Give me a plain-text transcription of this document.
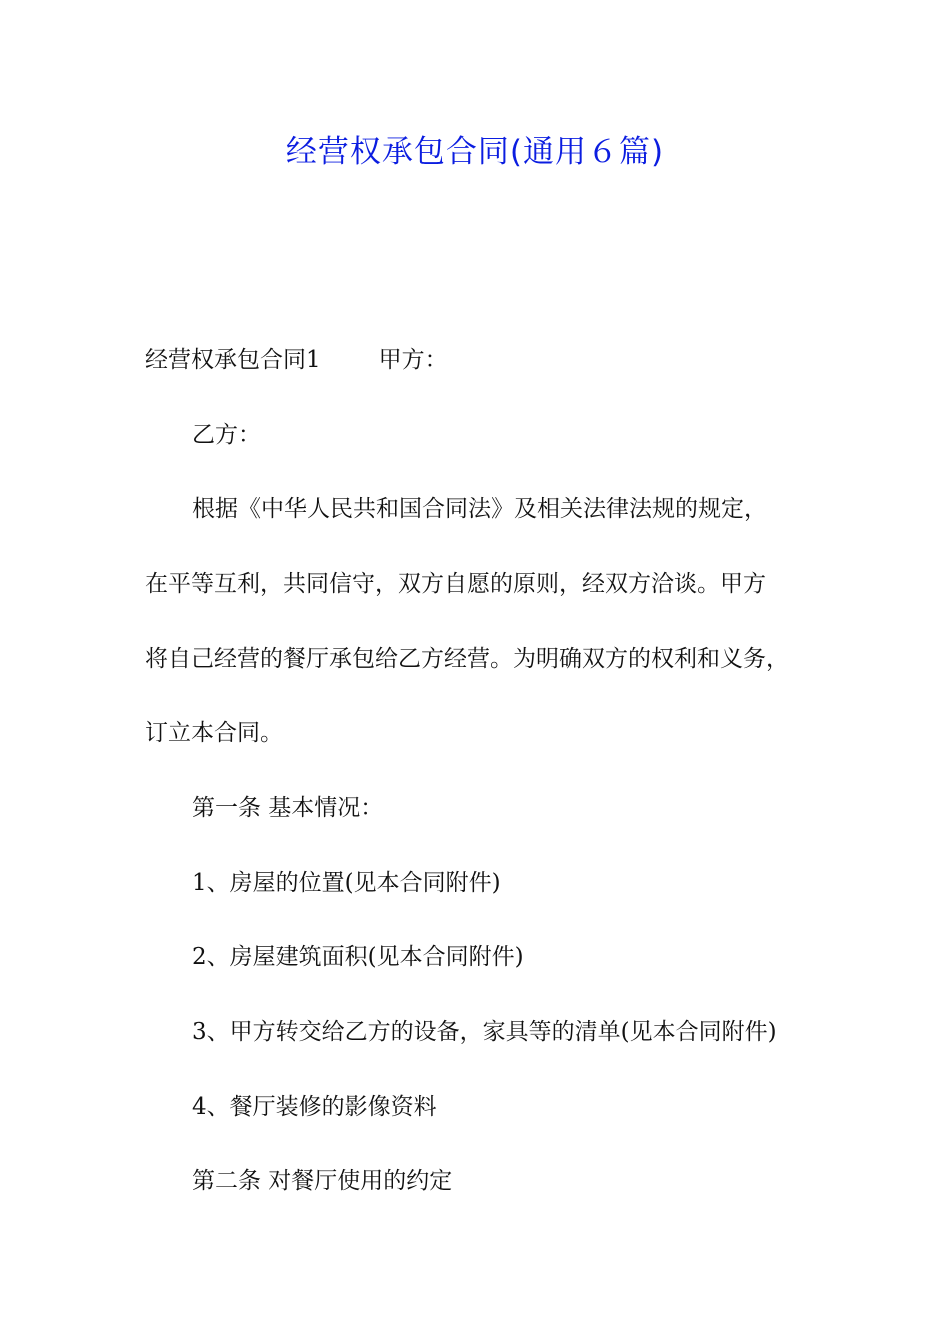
经营权承包合同(通用６篇)

经营权承包合同1	甲方：

乙方：

根据《中华人民共和国合同法》及相关法律法规的规定，

在平等互利，共同信守，双方自愿的原则，经双方洽谈。甲方

将自己经营的餐厅承包给乙方经营。为明确双方的权利和义务，

订立本合同。

第一条 基本情况：

1、房屋的位置(见本合同附件)

2、房屋建筑面积(见本合同附件)

3、甲方转交给乙方的设备，家具等的清单(见本合同附件)

4、餐厅装修的影像资料

第二条 对餐厅使用的约定
